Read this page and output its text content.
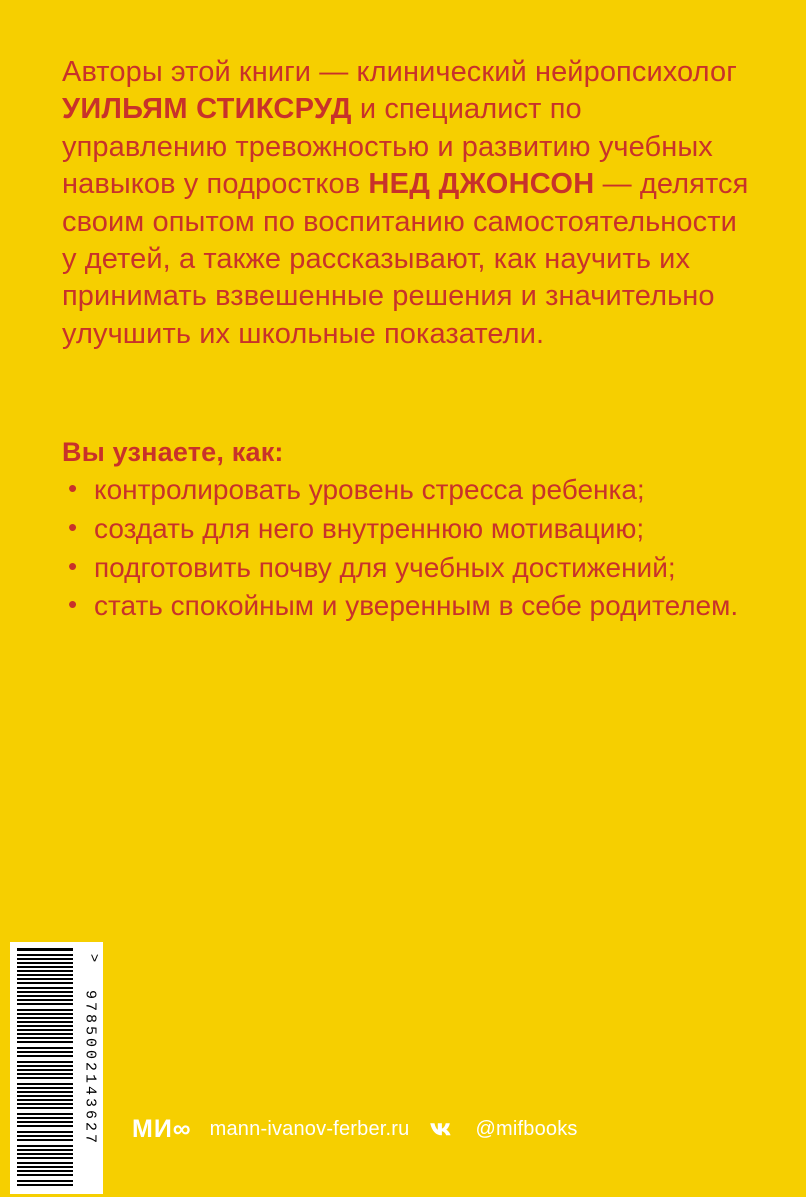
Авторы этой книги — клинический нейропсихолог УИЛЬЯМ СТИКСРУД и специалист по управлению тревожностью и развитию учебных навыков у подростков НЕД ДЖОНСОН — делятся своим опытом по воспитанию самостоятельности у детей, а также рассказывают, как научить их принимать взвешенные решения и значительно улучшить их школьные показатели.

Вы узнаете, как:
• контролировать уровень стресса ребенка;
• создать для него внутреннюю мотивацию;
• подготовить почву для учебных достижений;
• стать спокойным и уверенным в себе родителем.
9785002143627
>
МИ∞ mann-ivanov-ferber.ru	@mifbooks
